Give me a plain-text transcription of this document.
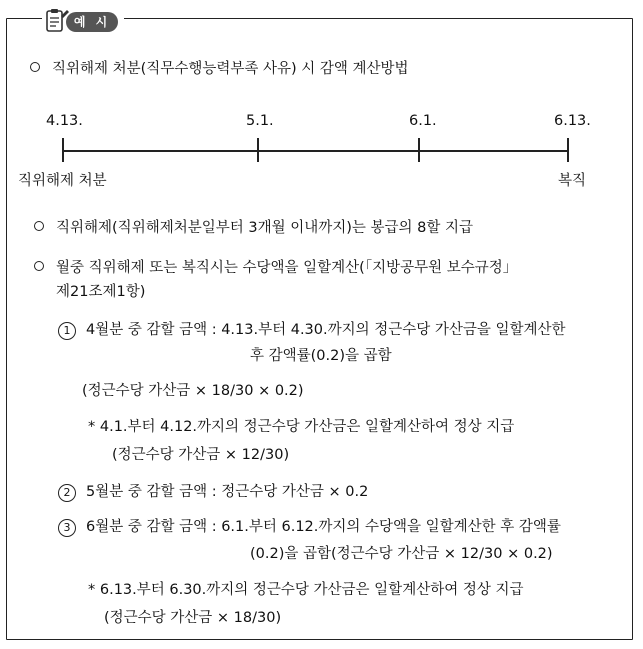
예 시
직위해제 처분(직무수행능력부족 사유) 시 감액 계산방법
4.13.	5.1.	6.1.	6.13.
직위해제 처분	복직
직위해제(직위해제처분일부터 3개월 이내까지)는 봉급의 8할 지급
월중 직위해제 또는 복직시는 수당액을 일할계산(「지방공무원 보수규정」
제21조제1항)
1 4월분 중 감할 금액 : 4.13.부터 4.30.까지의 정근수당 가산금을 일할계산한
후 감액률(0.2)을 곱함
(정근수당 가산금 × 18/30 × 0.2)
* 4.1.부터 4.12.까지의 정근수당 가산금은 일할계산하여 정상 지급
(정근수당 가산금 × 12/30)
2 5월분 중 감할 금액 : 정근수당 가산금 × 0.2
3 6월분 중 감할 금액 : 6.1.부터 6.12.까지의 수당액을 일할계산한 후 감액률
(0.2)을 곱함(정근수당 가산금 × 12/30 × 0.2)
* 6.13.부터 6.30.까지의 정근수당 가산금은 일할계산하여 정상 지급
(정근수당 가산금 × 18/30)
